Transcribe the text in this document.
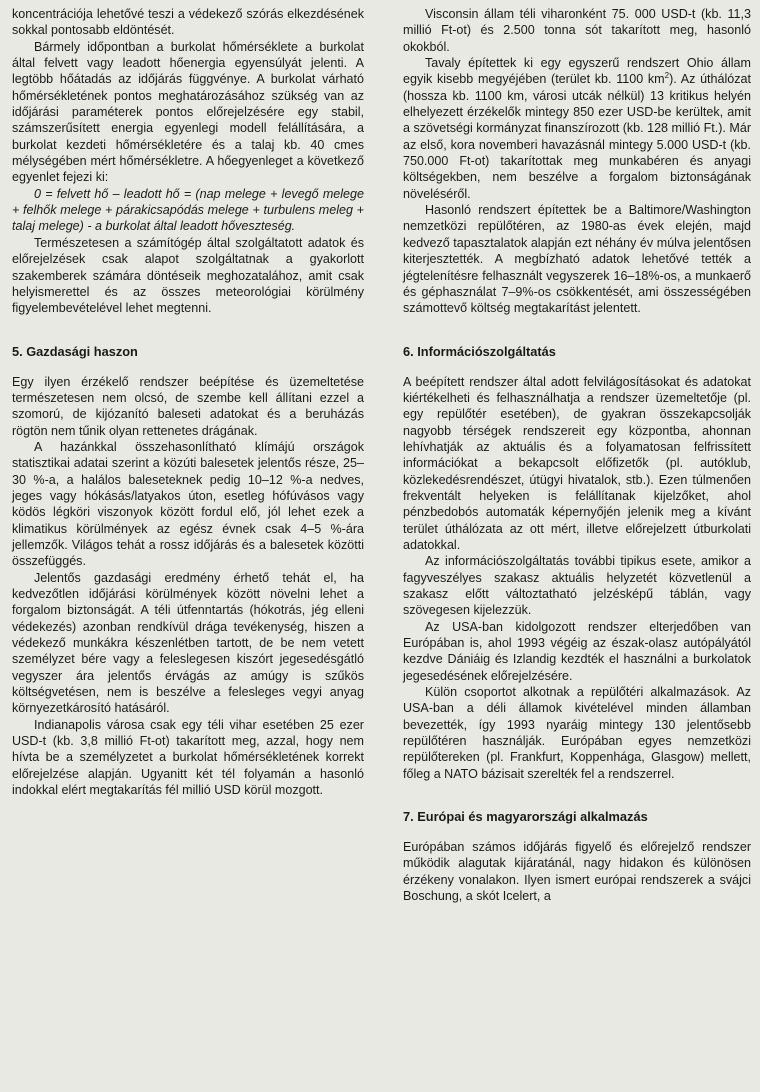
koncentrációja lehetővé teszi a védekező szórás elkezdésének sokkal pontosabb eldöntését.

Bármely időpontban a burkolat hőmérséklete a burkolat által felvett vagy leadott hőenergia egyensúlyát jelenti. A legtöbb hőátadás az időjárás függvénye. A burkolat várható hőmérsékletének pontos meghatározásához szükség van az időjárási paraméterek pontos előrejelzésére egy stabil, számszerűsített energia egyenlegi modell felállítására, a burkolat kezdeti hőmérsékletére és a talaj kb. 40 cmes mélységében mért hőmérsékletre. A hőegyenleget a következő egyenlet fejezi ki:

0 = felvett hő – leadott hő = (nap melege + levegő melege + felhők melege + párakicsapódás melege + turbulens meleg + talaj melege) - a burkolat által leadott hőveszteség.

Természetesen a számítógép által szolgáltatott adatok és előrejelzések csak alapot szolgáltatnak a gyakorlott szakemberek számára döntéseik meghozatalához, amit csak helyismerettel és az összes meteorológiai körülmény figyelembevételével lehet megtenni.

5. Gazdasági haszon

Egy ilyen érzékelő rendszer beépítése és üzemeltetése természetesen nem olcsó, de szembe kell állítani ezzel a szomorú, de kijózanító baleseti adatokat és a beruházás rögtön nem tűnik olyan rettenetes drágának.

A hazánkkal összehasonlítható klímájú országok statisztikai adatai szerint a közúti balesetek jelentős része, 25–30 %-a, a halálos baleseteknek pedig 10–12 %-a nedves, jeges vagy hókásás/latyakos úton, esetleg hófúvásos vagy ködös légköri viszonyok között fordul elő, jól lehet ezek a klimatikus körülmények az egész évnek csak 4–5 %-ára jellemzők. Világos tehát a rossz időjárás és a balesetek közötti összefüggés.

Jelentős gazdasági eredmény érhető tehát el, ha kedvezőtlen időjárási körülmények között növelni lehet a forgalom biztonságát. A téli útfenntartás (hókotrás, jég elleni védekezés) azonban rendkívül drága tevékenység, hiszen a védekező munkákra készenlétben tartott, de be nem vetett személyzet bére vagy a feleslegesen kiszórt jegesedésgátló vegyszer ára jelentős érvágás az amúgy is szűkös költségvetésen, nem is beszélve a felesleges vegyi anyag környezetkárosító hatásáról.

Indianapolis városa csak egy téli vihar esetében 25 ezer USD-t (kb. 3,8 millió Ft-ot) takarított meg, azzal, hogy nem hívta be a személyzetet a burkolat hőmérsékletének korrekt előrejelzése alapján. Ugyanitt két tél folyamán a hasonló indokkal elért megtakarítás fél millió USD körül mozgott.

Visconsin állam téli viharonként 75. 000 USD-t (kb. 11,3 millió Ft-ot) és 2.500 tonna sót takarított meg, hasonló okokból.

Tavaly építettek ki egy egyszerű rendszert Ohio állam egyik kisebb megyéjében (terület kb. 1100 $km^2$). Az úthálózat (hossza kb. 1100 km, városi utcák nélkül) 13 kritikus helyén elhelyezett érzékelők mintegy 850 ezer USD-be kerültek, amit a szövetségi kormányzat finanszírozott (kb. 128 millió Ft.). Már az első, kora novemberi havazásnál mintegy 5.000 USD-t (kb. 750.000 Ft-ot) takarítottak meg munkabéren és anyagi költségekben, nem beszélve a forgalom biztonságának növeléséről.

Hasonló rendszert építettek be a Baltimore/Washington nemzetközi repülőtéren, az 1980-as évek elején, majd kedvező tapasztalatok alapján ezt néhány év múlva jelentősen kiterjesztették. A megbízható adatok lehetővé tették a jégtelenítésre felhasznált vegyszerek 16–18%-os, a munkaerő és géphasználat 7–9%-os csökkentését, ami összességében számottevő költség megtakarítást jelentett.

6. Információszolgáltatás

A beépített rendszer által adott felvilágosításokat és adatokat kiértékelheti és felhasználhatja a rendszer üzemeltetője (pl. egy repülőtér esetében), de gyakran összekapcsolják nagyobb térségek rendszereit egy központba, ahonnan lehívhatják az aktuális és a folyamatosan felfrissített információkat a bekapcsolt előfizetők (pl. autóklub, közlekedésrendészet, útügyi hivatalok, stb.). Ezen túlmenően frekventált helyeken is felállítanak kijelzőket, ahol pénzbedobós automaták képernyőjén jelenik meg a kívánt terület úthálózata az ott mért, illetve előrejelzett útburkolati adatokkal.

Az információszolgáltatás további tipikus esete, amikor a fagyveszélyes szakasz aktuális helyzetét közvetlenül a szakasz előtt változtatható jelzésképű táblán, vagy szövegesen kijelezzük.

Az USA-ban kidolgozott rendszer elterjedőben van Európában is, ahol 1993 végéig az észak-olasz autópályától kezdve Dániáig és Izlandig kezdték el használni a burkolatok jegesedésének előrejelzésére.

Külön csoportot alkotnak a repülőtéri alkalmazások. Az USA-ban a déli államok kivételével minden államban bevezették, így 1993 nyaráig mintegy 130 jelentősebb repülőtéren használják. Európában egyes nemzetközi repülőtereken (pl. Frankfurt, Koppenhága, Glasgow) mellett, főleg a NATO bázisait szerelték fel a rendszerrel.

7. Európai és magyarországi alkalmazás

Európában számos időjárás figyelő és előrejelző rendszer működik alagutak kijáratánál, nagy hidakon és különösen érzékeny vonalakon. Ilyen ismert európai rendszerek a svájci Boschung, a skót Icelert, a
